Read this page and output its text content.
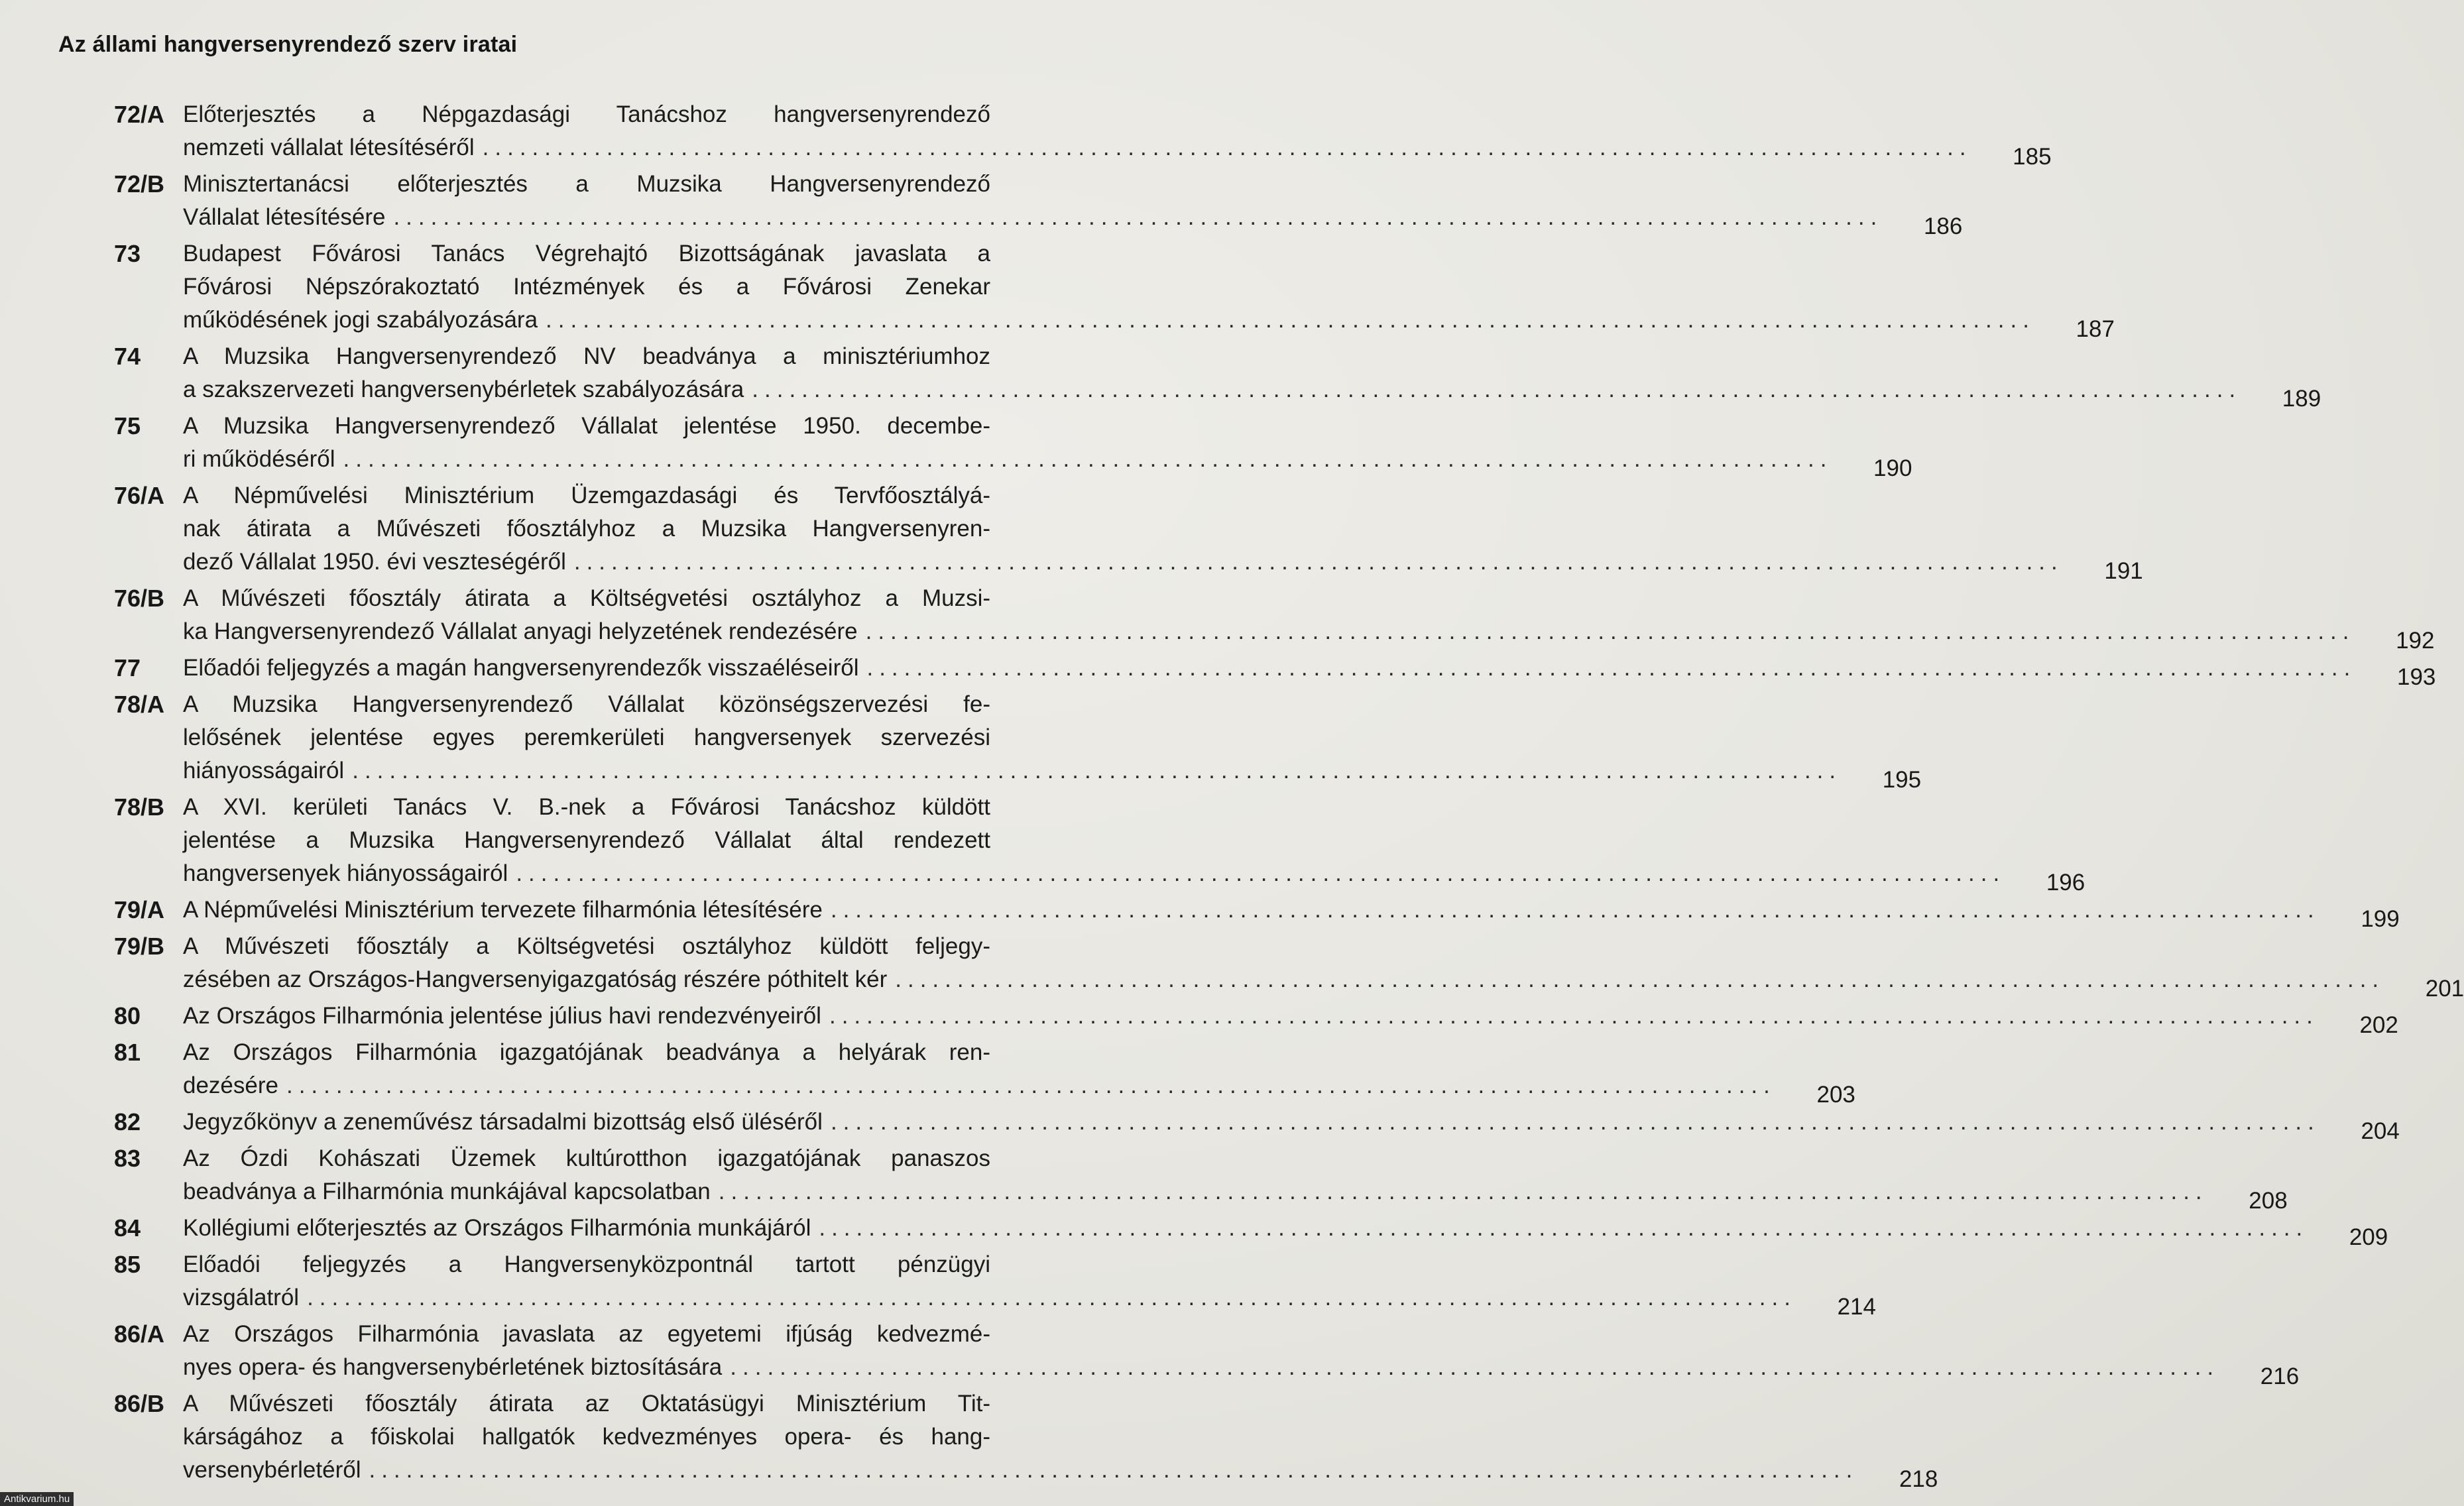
Az állami hangversenyrendező szerv iratai
72/A Előterjesztés a Népgazdasági Tanácshoz hangversenyrendező
nemzeti vállalat létesítéséről ........................................................................................................................	185
72/B Minisztertanácsi előterjesztés a Muzsika Hangversenyrendező
Vállalat létesítésére ........................................................................................................................	186
73	Budapest Fővárosi Tanács Végrehajtó Bizottságának javaslata a
Fővárosi Népszórakoztató Intézmények és a Fővárosi Zenekar
működésének jogi szabályozására ........................................................................................................................	187
74	A Muzsika Hangversenyrendező NV beadványa a minisztériumhoz
a szakszervezeti hangversenybérletek szabályozására ........................................................................................................................	189
75	A Muzsika Hangversenyrendező Vállalat jelentése 1950. decembe-
ri működéséről ........................................................................................................................	190
76/A A Népművelési Minisztérium Üzemgazdasági és Tervfőosztályá-
nak átirata a Művészeti főosztályhoz a Muzsika Hangversenyren-
dező Vállalat 1950. évi veszteségéről ........................................................................................................................	191
76/B A Művészeti főosztály átirata a Költségvetési osztályhoz a Muzsi-
ka Hangversenyrendező Vállalat anyagi helyzetének rendezésére ........................................................................................................................	192
77	Előadói feljegyzés a magán hangversenyrendezők visszaéléseiről ........................................................................................................................	193
78/A A Muzsika Hangversenyrendező Vállalat közönségszervezési fe-
lelősének jelentése egyes peremkerületi hangversenyek szervezési
hiányosságairól ........................................................................................................................	195
78/B A XVI. kerületi Tanács V. B.-nek a Fővárosi Tanácshoz küldött
jelentése a Muzsika Hangversenyrendező Vállalat által rendezett
hangversenyek hiányosságairól ........................................................................................................................	196
79/A A Népművelési Minisztérium tervezete filharmónia létesítésére ........................................................................................................................	199
79/B A Művészeti főosztály a Költségvetési osztályhoz küldött feljegy-
zésében az Országos-Hangversenyigazgatóság részére póthitelt kér ........................................................................................................................	201
80	Az Országos Filharmónia jelentése július havi rendezvényeiről ........................................................................................................................	202
81	Az Országos Filharmónia igazgatójának beadványa a helyárak ren-
dezésére ........................................................................................................................	203
82	Jegyzőkönyv a zeneművész társadalmi bizottság első üléséről ........................................................................................................................	204
83	Az Ózdi Kohászati Üzemek kultúrotthon igazgatójának panaszos
beadványa a Filharmónia munkájával kapcsolatban ........................................................................................................................	208
84	Kollégiumi előterjesztés az Országos Filharmónia munkájáról ........................................................................................................................	209
85	Előadói feljegyzés a Hangversenyközpontnál tartott pénzügyi
vizsgálatról ........................................................................................................................	214
86/A Az Országos Filharmónia javaslata az egyetemi ifjúság kedvezmé-
nyes opera- és hangversenybérletének biztosítására ........................................................................................................................	216
86/B A Művészeti főosztály átirata az Oktatásügyi Minisztérium Tit-
kárságához a főiskolai hallgatók kedvezményes opera- és hang-
versenybérletéről ........................................................................................................................	218
Antikvarium.hu
